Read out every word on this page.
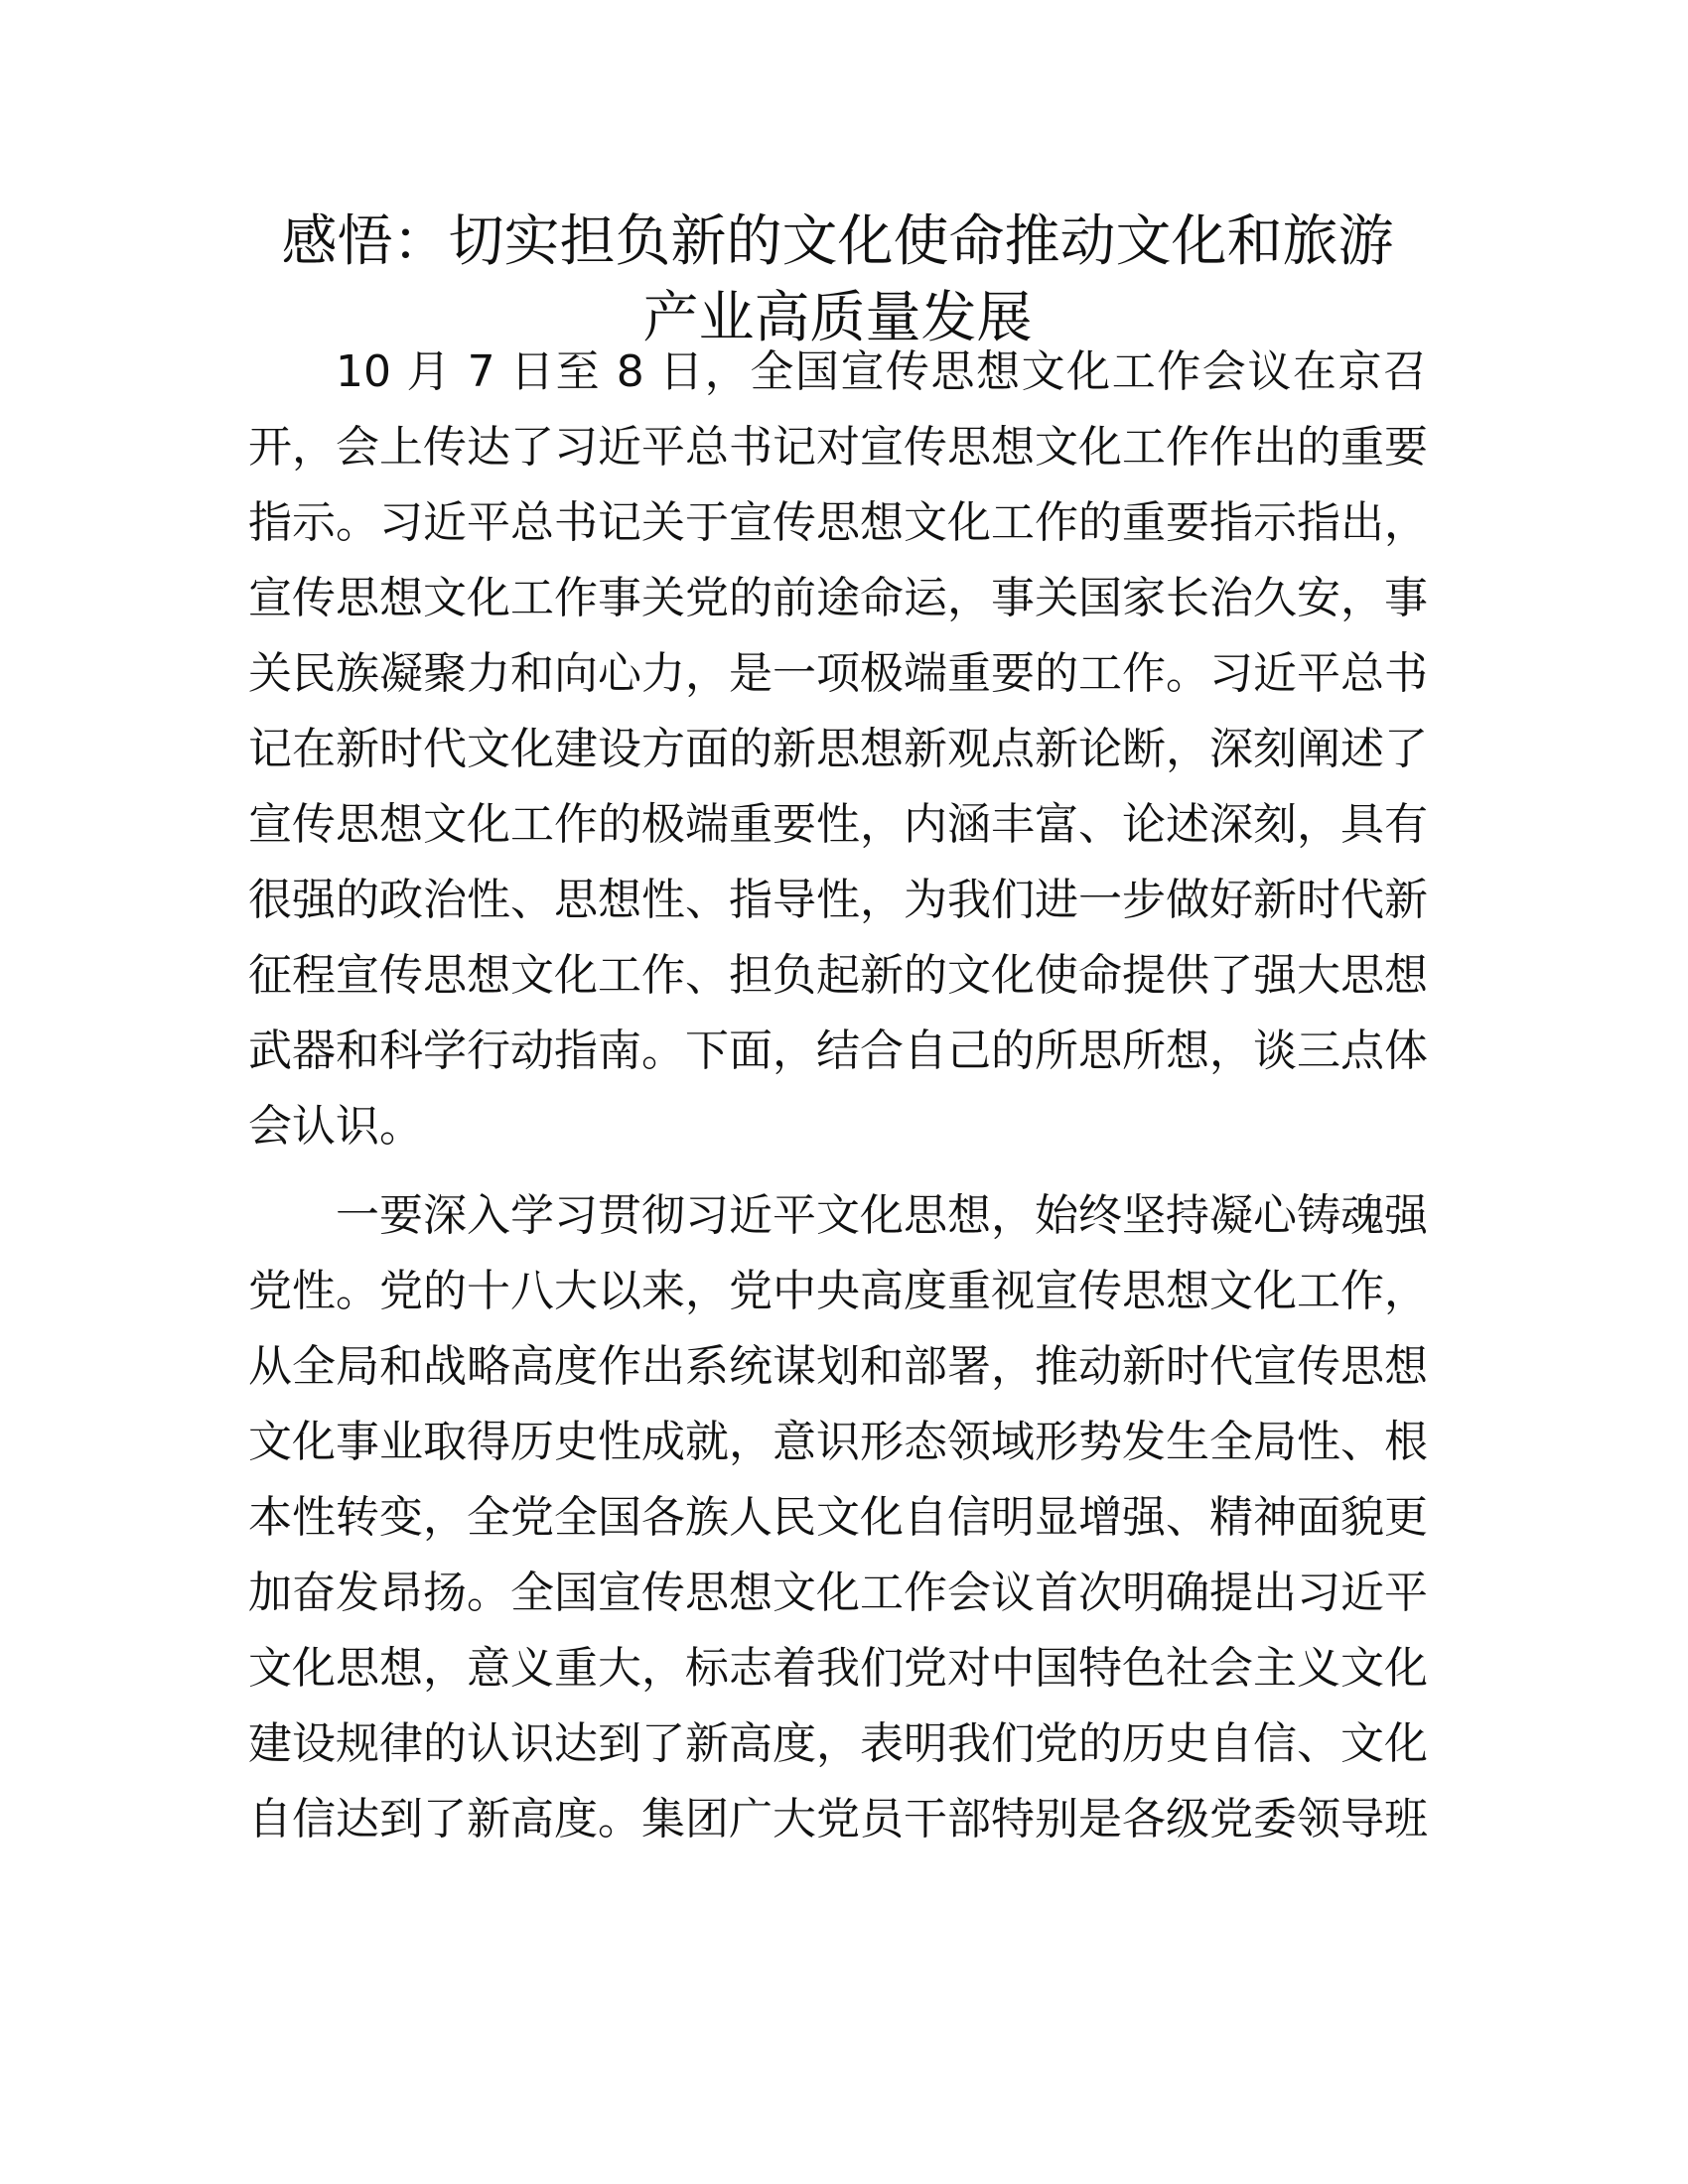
感悟：切实担负新的文化使命推动文化和旅游
产业高质量发展
10 月 7 日至 8 日，全国宣传思想文化工作会议在京召
开，会上传达了习近平总书记对宣传思想文化工作作出的重要
指示。习近平总书记关于宣传思想文化工作的重要指示指出，
宣传思想文化工作事关党的前途命运，事关国家长治久安，事
关民族凝聚力和向心力，是一项极端重要的工作。习近平总书
记在新时代文化建设方面的新思想新观点新论断，深刻阐述了
宣传思想文化工作的极端重要性，内涵丰富、论述深刻，具有
很强的政治性、思想性、指导性，为我们进一步做好新时代新
征程宣传思想文化工作、担负起新的文化使命提供了强大思想
武器和科学行动指南。下面，结合自己的所思所想，谈三点体
会认识。
一要深入学习贯彻习近平文化思想，始终坚持凝心铸魂强
党性。党的十八大以来，党中央高度重视宣传思想文化工作，
从全局和战略高度作出系统谋划和部署，推动新时代宣传思想
文化事业取得历史性成就，意识形态领域形势发生全局性、根
本性转变，全党全国各族人民文化自信明显增强、精神面貌更
加奋发昂扬。全国宣传思想文化工作会议首次明确提出习近平
文化思想，意义重大，标志着我们党对中国特色社会主义文化
建设规律的认识达到了新高度，表明我们党的历史自信、文化
自信达到了新高度。集团广大党员干部特别是各级党委领导班
